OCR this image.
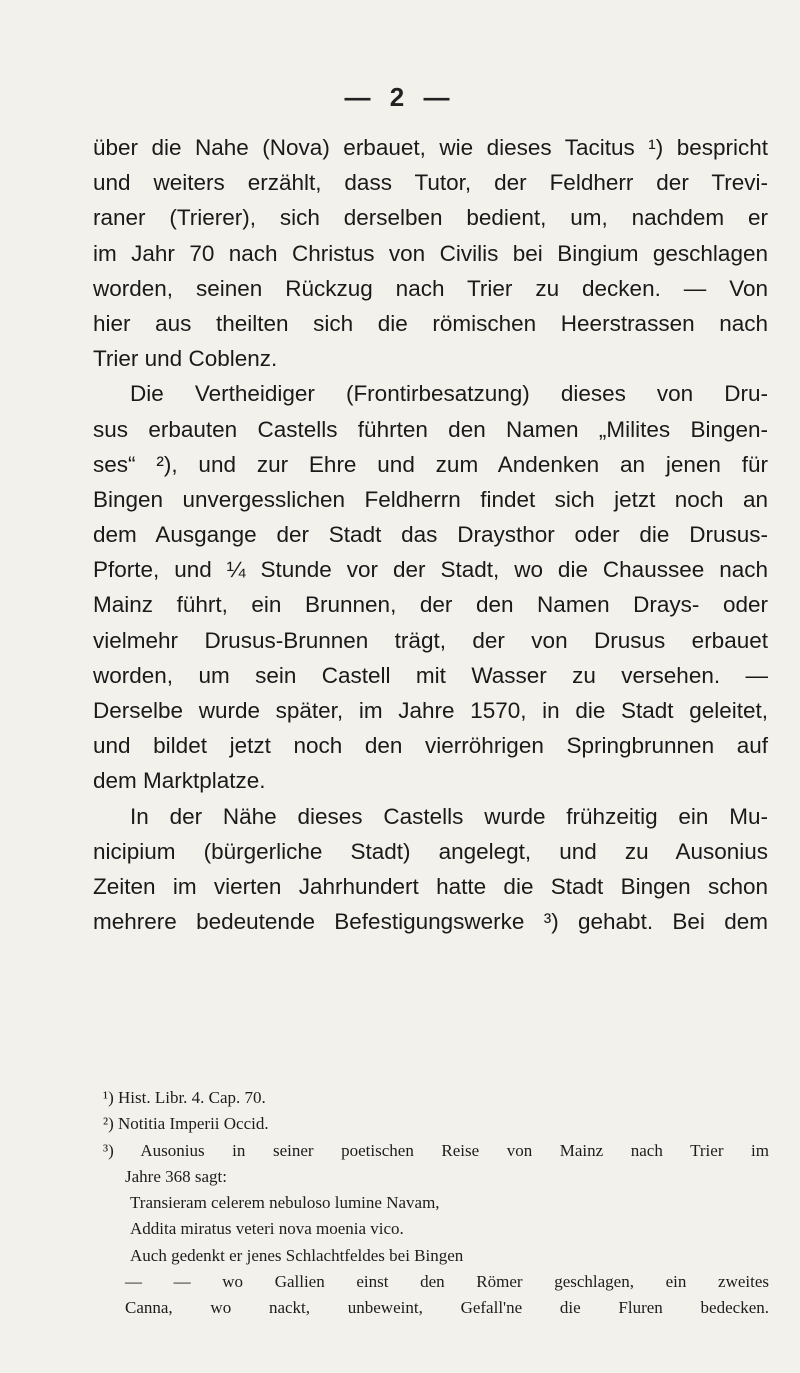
— 2 —
über die Nahe (Nova) erbauet, wie dieses Tacitus ¹) bespricht
und weiters erzählt, dass Tutor, der Feldherr der Trevi-
raner (Trierer), sich derselben bedient, um, nachdem er
im Jahr 70 nach Christus von Civilis bei Bingium geschlagen
worden, seinen Rückzug nach Trier zu decken. — Von
hier aus theilten sich die römischen Heerstrassen nach
Trier und Coblenz.
Die Vertheidiger (Frontirbesatzung) dieses von Dru-
sus erbauten Castells führten den Namen „Milites Bingen-
ses“ ²), und zur Ehre und zum Andenken an jenen für
Bingen unvergesslichen Feldherrn findet sich jetzt noch an
dem Ausgange der Stadt das Draysthor oder die Drusus-
Pforte, und ¼ Stunde vor der Stadt, wo die Chaussee nach
Mainz führt, ein Brunnen, der den Namen Drays- oder
vielmehr Drusus-Brunnen trägt, der von Drusus erbauet
worden, um sein Castell mit Wasser zu versehen. —
Derselbe wurde später, im Jahre 1570, in die Stadt geleitet,
und bildet jetzt noch den vierröhrigen Springbrunnen auf
dem Marktplatze.
In der Nähe dieses Castells wurde frühzeitig ein Mu-
nicipium (bürgerliche Stadt) angelegt, und zu Ausonius
Zeiten im vierten Jahrhundert hatte die Stadt Bingen schon
mehrere bedeutende Befestigungswerke ³) gehabt. Bei dem
¹) Hist. Libr. 4. Cap. 70.
²) Notitia Imperii Occid.
³) Ausonius in seiner poetischen Reise von Mainz nach Trier im
Jahre 368 sagt:
Transieram celerem nebuloso lumine Navam,
Addita miratus veteri nova moenia vico.
Auch gedenkt er jenes Schlachtfeldes bei Bingen
— — wo Gallien einst den Römer geschlagen, ein zweites
Canna, wo nackt, unbeweint, Gefall'ne die Fluren bedecken.
